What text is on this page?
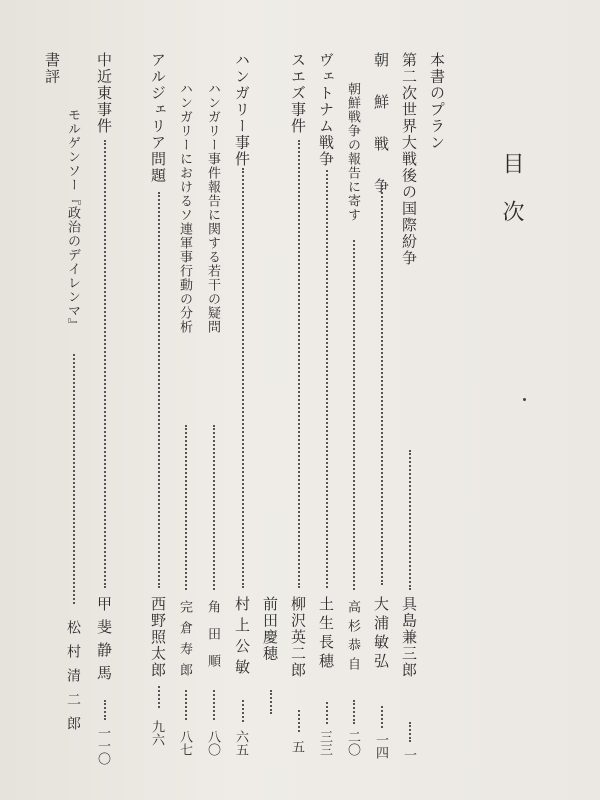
目次
本書のプラン
第二次世界大戦後の国際紛争
具島兼三郎
一
朝　鮮　戦　争
大浦敏弘
一四
朝鮮戦争の報告に寄す
高杉恭自
二〇
ヴェトナム戦争
土生長穂
三三
スエズ事件
柳沢英二郎
五
前田慶穂
ハンガリー事件
村上公敏
六五
ハンガリー事件報告に関する若干の疑問
角田順
八〇
ハンガリーにおけるソ連軍事行動の分析
完倉寿郎
八七
アルジェリア問題
西野照太郎
九六
中近東事件
甲斐静馬
一一〇
書評
モルゲンソー『政治のデイレンマ』
松村清二郎
